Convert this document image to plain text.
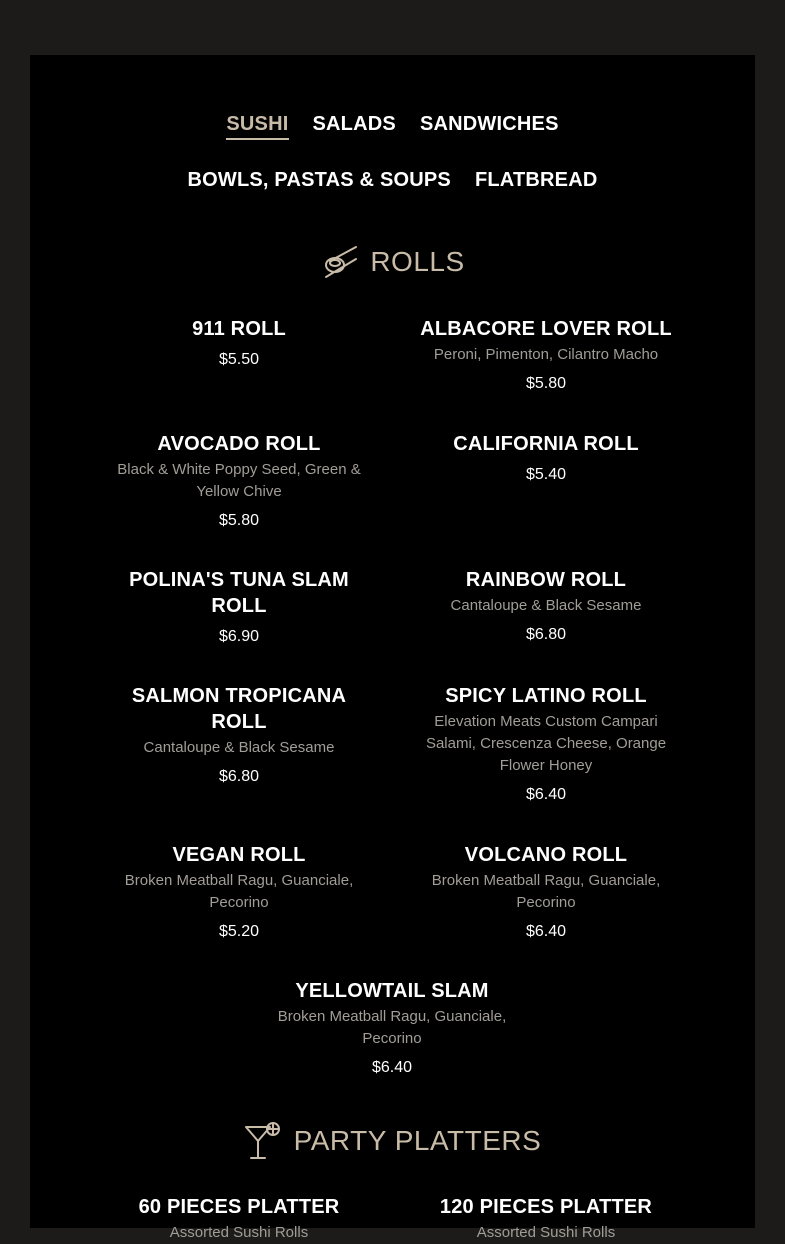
SUSHI SALADS SANDWICHES
BOWLS, PASTAS & SOUPS FLATBREAD
ROLLS
911 ROLL
$5.50
ALBACORE LOVER ROLL
Peroni, Pimenton, Cilantro Macho
$5.80
AVOCADO ROLL
Black & White Poppy Seed, Green & Yellow Chive
$5.80
CALIFORNIA ROLL
$5.40
POLINA'S TUNA SLAM ROLL
$6.90
RAINBOW ROLL
Cantaloupe & Black Sesame
$6.80
SALMON TROPICANA ROLL
Cantaloupe & Black Sesame
$6.80
SPICY LATINO ROLL
Elevation Meats Custom Campari Salami, Crescenza Cheese, Orange Flower Honey
$6.40
VEGAN ROLL
Broken Meatball Ragu, Guanciale, Pecorino
$5.20
VOLCANO ROLL
Broken Meatball Ragu, Guanciale, Pecorino
$6.40
YELLOWTAIL SLAM
Broken Meatball Ragu, Guanciale, Pecorino
$6.40
PARTY PLATTERS
60 PIECES PLATTER
Assorted Sushi Rolls
120 PIECES PLATTER
Assorted Sushi Rolls
